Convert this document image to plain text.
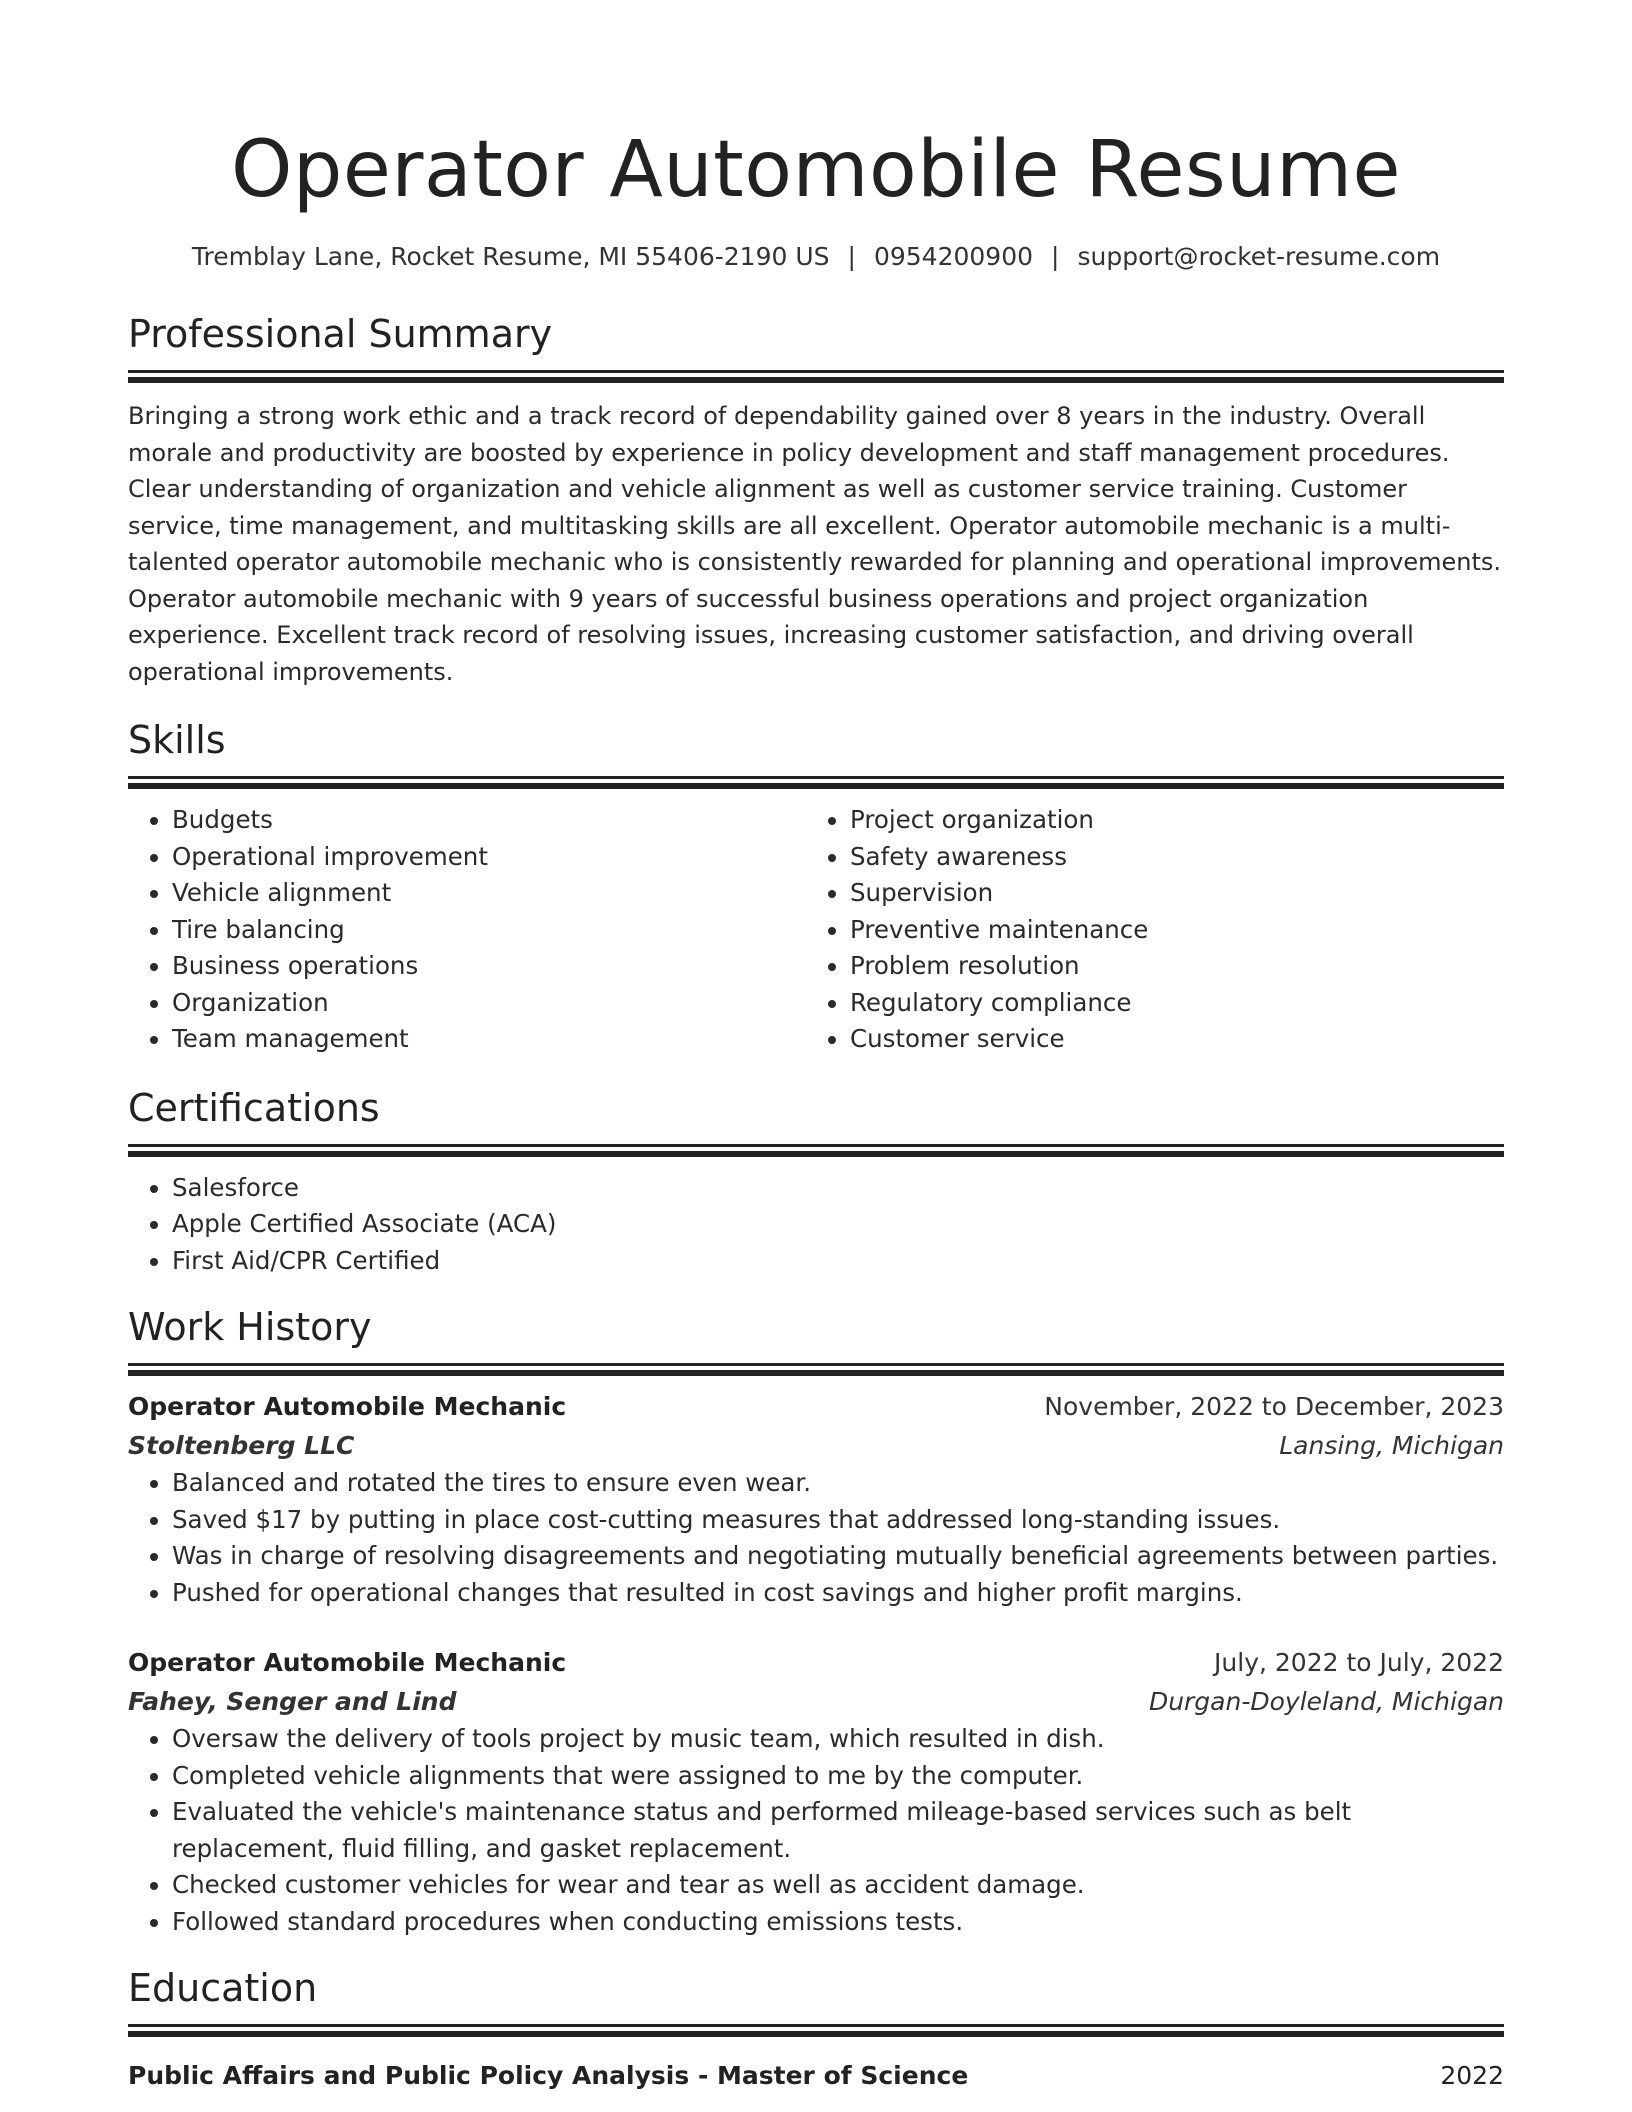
Operator Automobile Resume
Tremblay Lane, Rocket Resume, MI 55406-2190 US | 0954200900 | support@rocket-resume.com
Professional Summary

Bringing a strong work ethic and a track record of dependability gained over 8 years in the industry. Overall morale and productivity are boosted by experience in policy development and staff management procedures. Clear understanding of organization and vehicle alignment as well as customer service training. Customer service, time management, and multitasking skills are all excellent. Operator automobile mechanic is a multi-talented operator automobile mechanic who is consistently rewarded for planning and operational improvements. Operator automobile mechanic with 9 years of successful business operations and project organization experience. Excellent track record of resolving issues, increasing customer satisfaction, and driving overall operational improvements.

Skills
• Budgets
• Operational improvement
• Vehicle alignment
• Tire balancing
• Business operations
• Organization
• Team management
• Project organization
• Safety awareness
• Supervision
• Preventive maintenance
• Problem resolution
• Regulatory compliance
• Customer service
Certifications
• Salesforce
• Apple Certified Associate (ACA)
• First Aid/CPR Certified
Work History
Operator Automobile Mechanic	November, 2022 to December, 2023
Stoltenberg LLC	Lansing, Michigan
• Balanced and rotated the tires to ensure even wear.
• Saved $17 by putting in place cost-cutting measures that addressed long-standing issues.
• Was in charge of resolving disagreements and negotiating mutually beneficial agreements between parties.
• Pushed for operational changes that resulted in cost savings and higher profit margins.
Operator Automobile Mechanic	July, 2022 to July, 2022
Fahey, Senger and Lind	Durgan-Doyleland, Michigan
• Oversaw the delivery of tools project by music team, which resulted in dish.
• Completed vehicle alignments that were assigned to me by the computer.
• Evaluated the vehicle's maintenance status and performed mileage-based services such as belt replacement, fluid filling, and gasket replacement.
• Checked customer vehicles for wear and tear as well as accident damage.
• Followed standard procedures when conducting emissions tests.
Education
Public Affairs and Public Policy Analysis - Master of Science	2022
